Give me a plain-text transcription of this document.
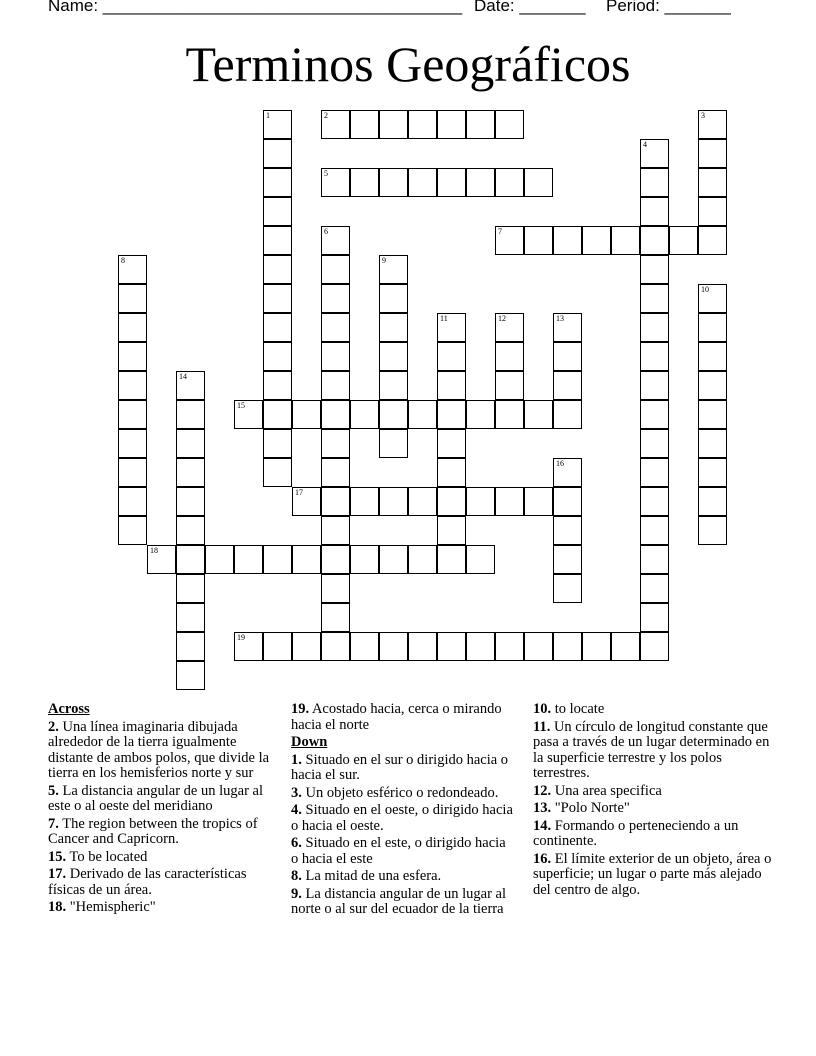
Name: ______________________________________ Date: _______ Period: _______
Terminos Geográficos
1	2	3
4
5
6	7
8	9
10
11	12	13
14
15
16
17
18
19
Across
2. Una línea imaginaria dibujada alrededor de la tierra igualmente distante de ambos polos, que divide la tierra en los hemisferios norte y sur
5. La distancia angular de un lugar al este o al oeste del meridiano
7. The region between the tropics of Cancer and Capricorn.
15. To be located
17. Derivado de las características físicas de un área.
18. "Hemispheric"
19. Acostado hacia, cerca o mirando hacia el norte
Down
1. Situado en el sur o dirigido hacia o hacia el sur.
3. Un objeto esférico o redondeado.
4. Situado en el oeste, o dirigido hacia o hacia el oeste.
6. Situado en el este, o dirigido hacia o hacia el este
8. La mitad de una esfera.
9. La distancia angular de un lugar al norte o al sur del ecuador de la tierra
10. to locate
11. Un círculo de longitud constante que pasa a través de un lugar determinado en la superficie terrestre y los polos terrestres.
12. Una area specifica
13. "Polo Norte"
14. Formando o perteneciendo a un continente.
16. El límite exterior de un objeto, área o superficie; un lugar o parte más alejado del centro de algo.
